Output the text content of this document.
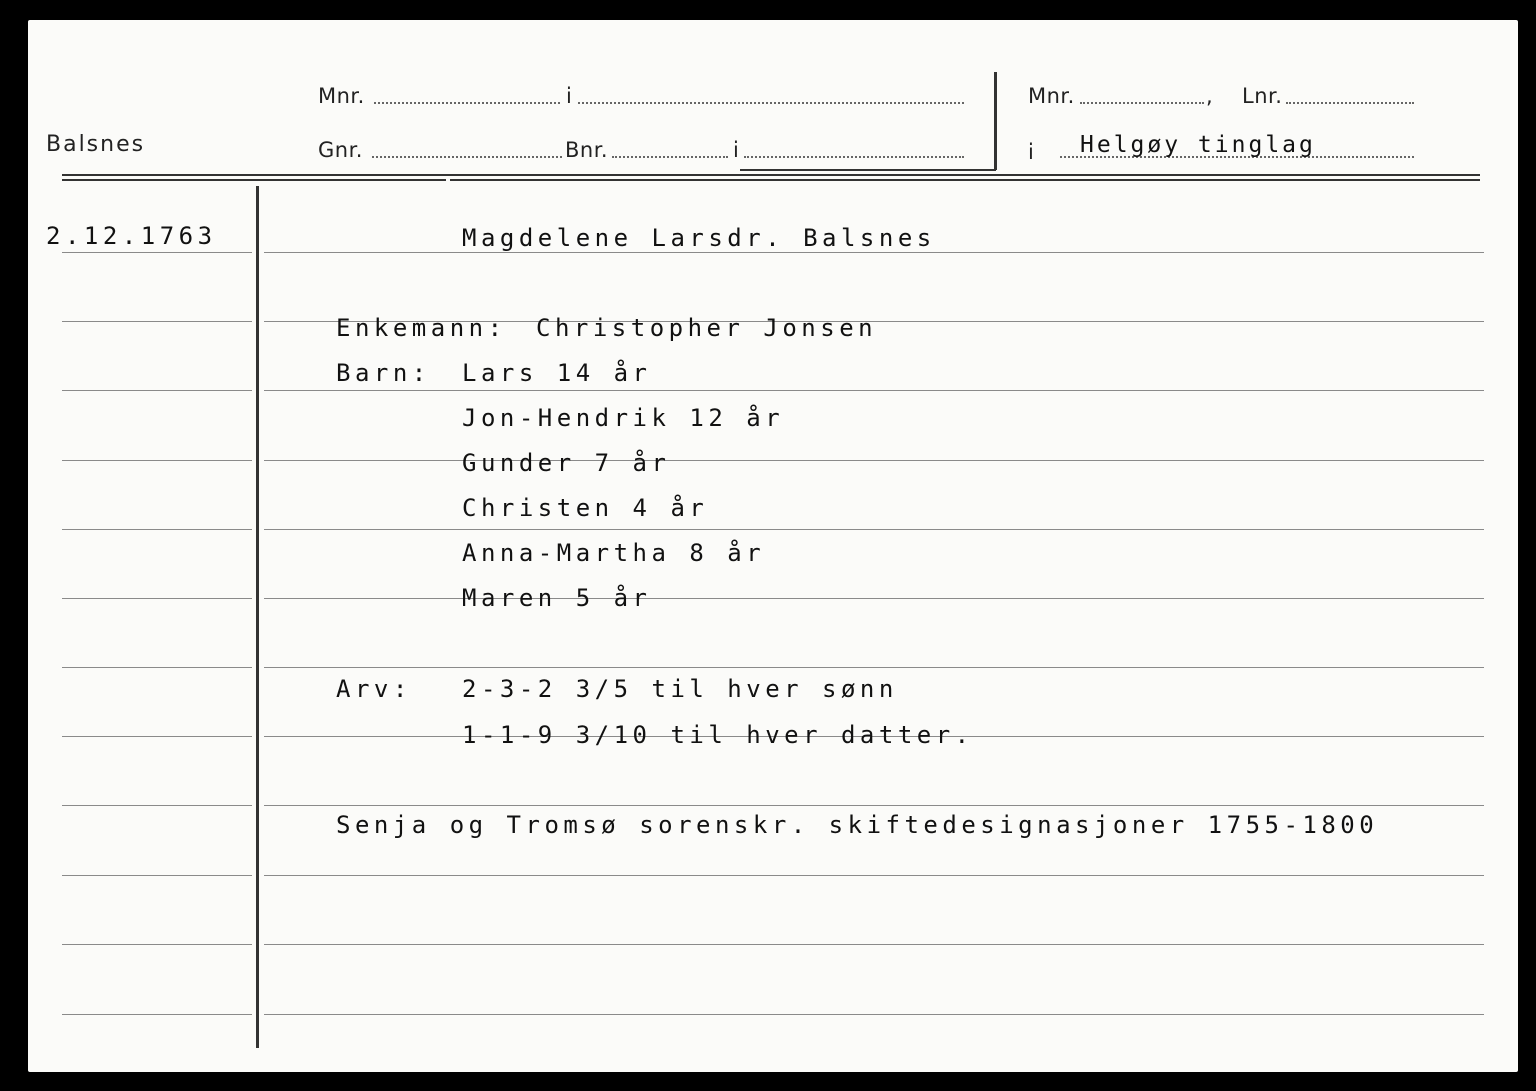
Balsnes
Mnr.	i
Gnr.	Bnr.	i
Mnr.	, Lnr.
i Helgøy tinglag
2.12.1763	Magdelene Larsdr. Balsnes
Enkemann: Christopher Jonsen
Barn: Lars 14 år
Jon-Hendrik 12 år
Gunder 7 år
Christen 4 år
Anna-Martha 8 år
Maren 5 år
Arv: 2-3-2 3/5 til hver sønn
1-1-9 3/10 til hver datter.
Senja og Tromsø sorenskr. skiftedesignasjoner 1755-1800
